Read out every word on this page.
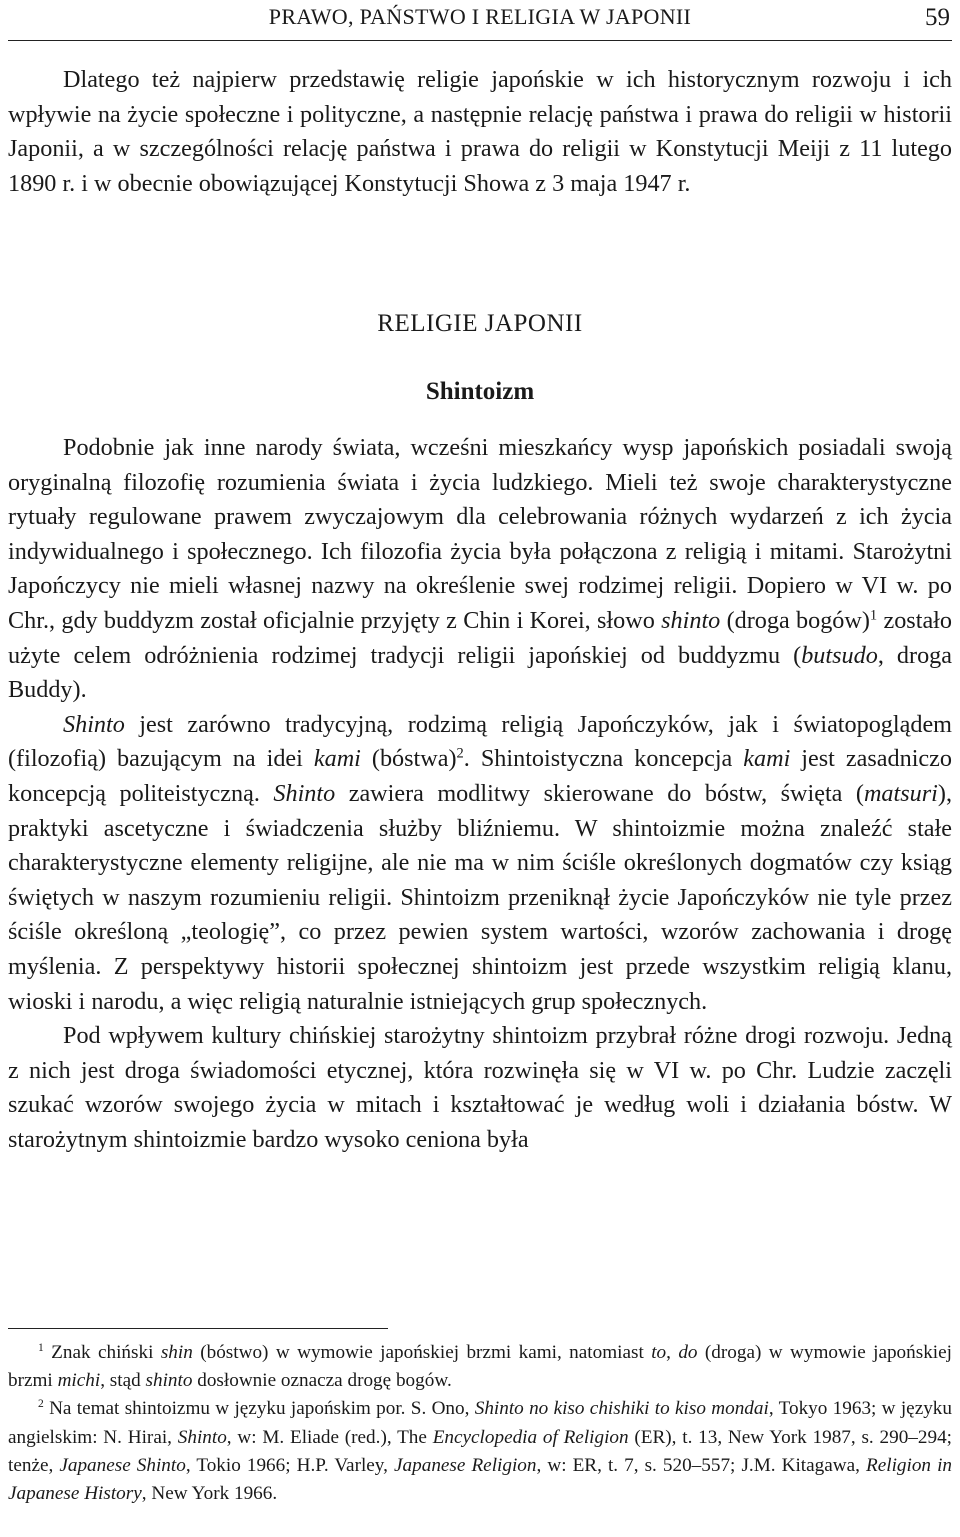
PRAWO, PAŃSTWO I RELIGIA W JAPONII	59

Dlatego też najpierw przedstawię religie japońskie w ich historycznym rozwoju i ich wpływie na życie społeczne i polityczne, a następnie relację państwa i prawa do religii w historii Japonii, a w szczególności relację państwa i prawa do religii w Konstytucji Meiji z 11 lutego 1890 r. i w obecnie obowiązującej Konstytucji Showa z 3 maja 1947 r.

RELIGIE JAPONII
Shintoizm

Podobnie jak inne narody świata, wcześni mieszkańcy wysp japońskich posiadali swoją oryginalną filozofię rozumienia świata i życia ludzkiego. Mieli też swoje charakterystyczne rytuały regulowane prawem zwyczajowym dla celebrowania różnych wydarzeń z ich życia indywidualnego i społecznego. Ich filozofia życia była połączona z religią i mitami. Starożytni Japończycy nie mieli własnej nazwy na określenie swej rodzimej religii. Dopiero w VI w. po Chr., gdy buddyzm został oficjalnie przyjęty z Chin i Korei, słowo shinto (droga bogów)$^1$ zostało użyte celem odróżnienia rodzimej tradycji religii japońskiej od buddyzmu (butsudo, droga Buddy).

Shinto jest zarówno tradycyjną, rodzimą religią Japończyków, jak i światopoglądem (filozofią) bazującym na idei kami (bóstwa)$^2$. Shintoistyczna koncepcja kami jest zasadniczo koncepcją politeistyczną. Shinto zawiera modlitwy skierowane do bóstw, święta (matsuri), praktyki ascetyczne i świadczenia służby bliźniemu. W shintoizmie można znaleźć stałe charakterystyczne elementy religijne, ale nie ma w nim ściśle określonych dogmatów czy ksiąg świętych w naszym rozumieniu religii. Shintoizm przeniknął życie Japończyków nie tyle przez ściśle określoną „teologię”, co przez pewien system wartości, wzorów zachowania i drogę myślenia. Z perspektywy historii społecznej shintoizm jest przede wszystkim religią klanu, wioski i narodu, a więc religią naturalnie istniejących grup społecznych.

Pod wpływem kultury chińskiej starożytny shintoizm przybrał różne drogi rozwoju. Jedną z nich jest droga świadomości etycznej, która rozwinęła się w VI w. po Chr. Ludzie zaczęli szukać wzorów swojego życia w mitach i kształtować je według woli i działania bóstw. W starożytnym shintoizmie bardzo wysoko ceniona była

$^1$ Znak chiński shin (bóstwo) w wymowie japońskiej brzmi kami, natomiast to, do (droga) w wymowie japońskiej brzmi michi, stąd shinto dosłownie oznacza drogę bogów.

$^2$ Na temat shintoizmu w języku japońskim por. S. Ono, Shinto no kiso chishiki to kiso mondai, Tokyo 1963; w języku angielskim: N. Hirai, Shinto, w: M. Eliade (red.), The Encyclopedia of Religion (ER), t. 13, New York 1987, s. 290–294; tenże, Japanese Shinto, Tokio 1966; H.P. Varley, Japanese Religion, w: ER, t. 7, s. 520–557; J.M. Kitagawa, Religion in Japanese History, New York 1966.
